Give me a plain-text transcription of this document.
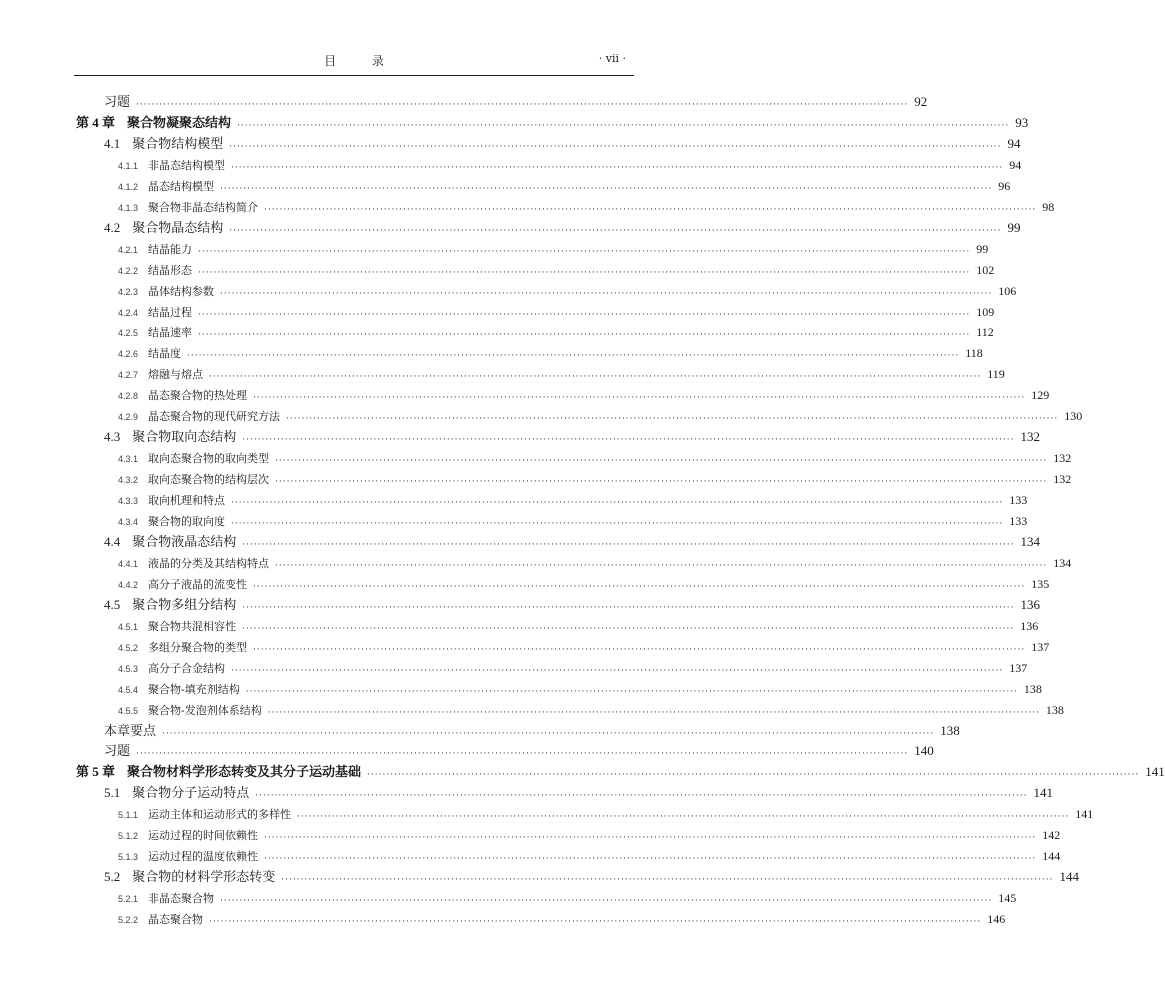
目 录	· vii ·
习题 ········································································································································································································ 92
第 4 章 聚合物凝聚态结构 ········································································································································································································ 93
4.1 聚合物结构模型 ········································································································································································································ 94
4.1.1 非晶态结构模型 ········································································································································································································ 94
4.1.2 晶态结构模型 ········································································································································································································ 96
4.1.3 聚合物非晶态结构简介 ········································································································································································································ 98
4.2 聚合物晶态结构 ········································································································································································································ 99
4.2.1 结晶能力 ········································································································································································································ 99
4.2.2 结晶形态 ········································································································································································································ 102
4.2.3 晶体结构参数 ········································································································································································································ 106
4.2.4 结晶过程 ········································································································································································································ 109
4.2.5 结晶速率 ········································································································································································································ 112
4.2.6 结晶度 ········································································································································································································ 118
4.2.7 熔融与熔点 ········································································································································································································ 119
4.2.8 晶态聚合物的热处理 ········································································································································································································ 129
4.2.9 晶态聚合物的现代研究方法 ········································································································································································································ 130
4.3 聚合物取向态结构 ········································································································································································································ 132
4.3.1 取向态聚合物的取向类型 ········································································································································································································ 132
4.3.2 取向态聚合物的结构层次 ········································································································································································································ 132
4.3.3 取向机理和特点 ········································································································································································································ 133
4.3.4 聚合物的取向度 ········································································································································································································ 133
4.4 聚合物液晶态结构 ········································································································································································································ 134
4.4.1 液晶的分类及其结构特点 ········································································································································································································ 134
4.4.2 高分子液晶的流变性 ········································································································································································································ 135
4.5 聚合物多组分结构 ········································································································································································································ 136
4.5.1 聚合物共混相容性 ········································································································································································································ 136
4.5.2 多组分聚合物的类型 ········································································································································································································ 137
4.5.3 高分子合金结构 ········································································································································································································ 137
4.5.4 聚合物-填充剂结构 ········································································································································································································ 138
4.5.5 聚合物-发泡剂体系结构 ········································································································································································································ 138
本章要点 ········································································································································································································ 138
习题 ········································································································································································································ 140
第 5 章 聚合物材料学形态转变及其分子运动基础 ········································································································································································································ 141
5.1 聚合物分子运动特点 ········································································································································································································ 141
5.1.1 运动主体和运动形式的多样性 ········································································································································································································ 141
5.1.2 运动过程的时间依赖性 ········································································································································································································ 142
5.1.3 运动过程的温度依赖性 ········································································································································································································ 144
5.2 聚合物的材料学形态转变 ········································································································································································································ 144
5.2.1 非晶态聚合物 ········································································································································································································ 145
5.2.2 晶态聚合物 ········································································································································································································ 146
